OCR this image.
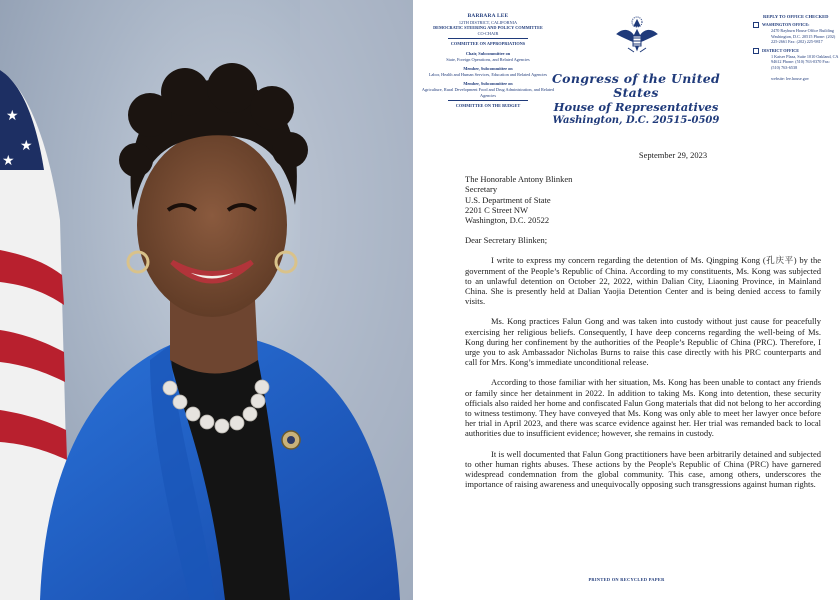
★
★
★
BARBARA LEE
12TH DISTRICT, CALIFORNIA
DEMOCRATIC STEERING AND POLICY COMMITTEE
CO-CHAIR
COMMITTEE ON APPROPRIATIONS
Chair, Subcommittee on
State, Foreign Operations, and Related Agencies
Member, Subcommittee on
Labor, Health and Human Services, Education and Related Agencies
Member, Subcommittee on
Agriculture, Rural Development Food and Drug Administration, and Related Agencies
COMMITTEE ON THE BUDGET
Congress of the United States
House of Representatives
Washington, D.C. 20515-0509
REPLY TO OFFICE CHECKED
WASHINGTON OFFICE:
2470 Rayburn House Office Building Washington, D.C. 20515 Phone: (202) 225-2661 Fax: (202) 225-9817
DISTRICT OFFICE
1 Kaiser Plaza, Suite 1010 Oakland, CA 94612 Phone: (510) 763-0370 Fax: (510) 763-6538
website: lee.house.gov

September 29, 2023

The Honorable Antony Blinken

Secretary

U.S. Department of State

2201 C Street NW

Washington, D.C. 20522

Dear Secretary Blinken;

I write to express my concern regarding the detention of Ms. Qingping Kong (孔庆平) by the government of the People’s Republic of China. According to my constituents, Ms. Kong was subjected to an unlawful detention on October 22, 2022, within Dalian City, Liaoning Province, in Mainland China. She is presently held at Dalian Yaojia Detention Center and is being denied access to family visits.

Ms. Kong practices Falun Gong and was taken into custody without just cause for peacefully exercising her religious beliefs. Consequently, I have deep concerns regarding the well-being of Ms. Kong during her confinement by the authorities of the People’s Republic of China (PRC). Therefore, I urge you to ask Ambassador Nicholas Burns to raise this case directly with his PRC counterparts and call for Mrs. Kong’s immediate unconditional release.

According to those familiar with her situation, Ms. Kong has been unable to contact any friends or family since her detainment in 2022. In addition to taking Ms. Kong into detention, these security officials also raided her home and confiscated Falun Gong materials that did not belong to her according to witness testimony. They have conveyed that Ms. Kong was only able to meet her lawyer once before her trial in April 2023, and there was scarce evidence against her. Her trial was remanded back to local authorities due to insufficient evidence; however, she remains in custody.

It is well documented that Falun Gong practitioners have been arbitrarily detained and subjected to other human rights abuses. These actions by the People's Republic of China (PRC) have garnered widespread condemnation from the global community. This case, among others, underscores the importance of raising awareness and unequivocally opposing such transgressions against human rights.

PRINTED ON RECYCLED PAPER
